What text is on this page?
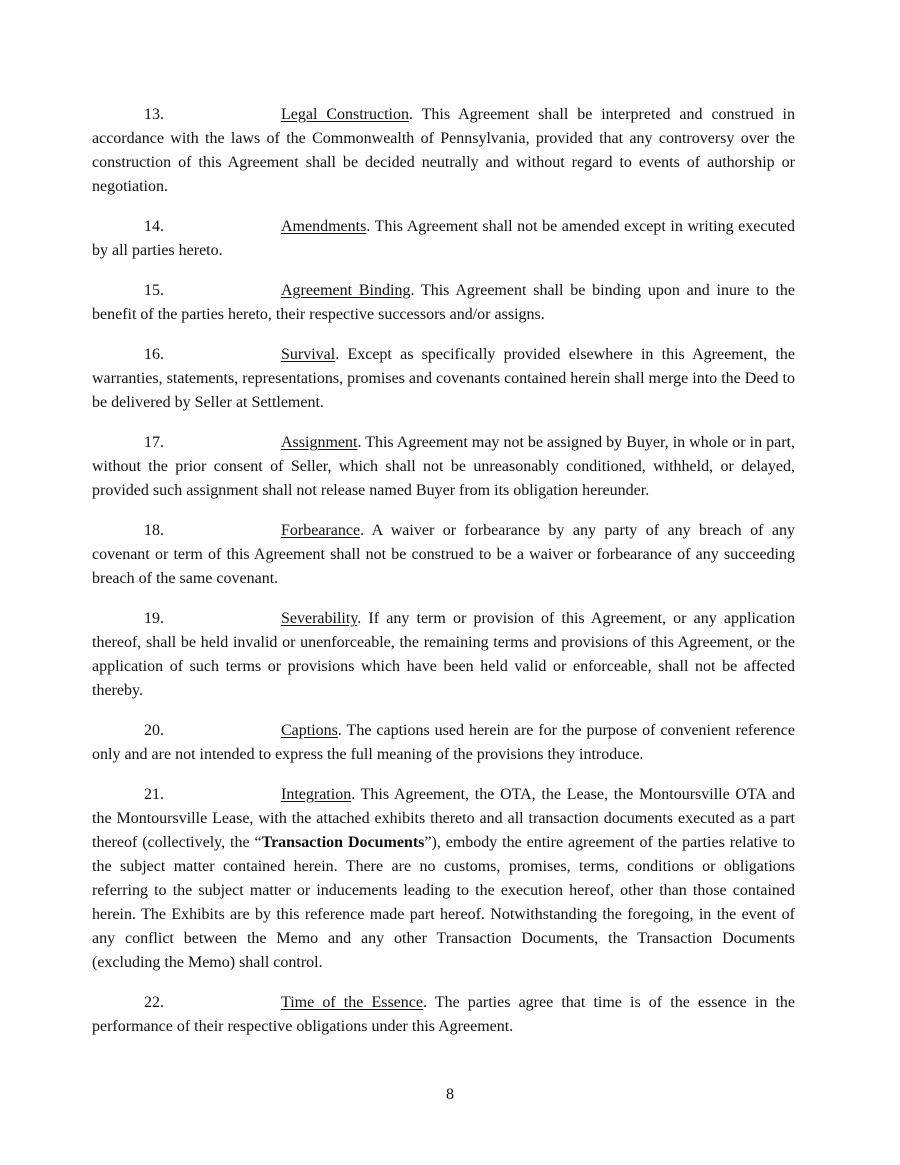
13.	Legal Construction. This Agreement shall be interpreted and construed in accordance with the laws of the Commonwealth of Pennsylvania, provided that any controversy over the construction of this Agreement shall be decided neutrally and without regard to events of authorship or negotiation.

14.	Amendments. This Agreement shall not be amended except in writing executed by all parties hereto.

15.	Agreement Binding. This Agreement shall be binding upon and inure to the benefit of the parties hereto, their respective successors and/or assigns.

16.	Survival. Except as specifically provided elsewhere in this Agreement, the warranties, statements, representations, promises and covenants contained herein shall merge into the Deed to be delivered by Seller at Settlement.

17.	Assignment. This Agreement may not be assigned by Buyer, in whole or in part, without the prior consent of Seller, which shall not be unreasonably conditioned, withheld, or delayed, provided such assignment shall not release named Buyer from its obligation hereunder.

18.	Forbearance. A waiver or forbearance by any party of any breach of any covenant or term of this Agreement shall not be construed to be a waiver or forbearance of any succeeding breach of the same covenant.

19.	Severability. If any term or provision of this Agreement, or any application thereof, shall be held invalid or unenforceable, the remaining terms and provisions of this Agreement, or the application of such terms or provisions which have been held valid or enforceable, shall not be affected thereby.

20.	Captions. The captions used herein are for the purpose of convenient reference only and are not intended to express the full meaning of the provisions they introduce.

21.	Integration. This Agreement, the OTA, the Lease, the Montoursville OTA and the Montoursville Lease, with the attached exhibits thereto and all transaction documents executed as a part thereof (collectively, the “Transaction Documents”), embody the entire agreement of the parties relative to the subject matter contained herein. There are no customs, promises, terms, conditions or obligations referring to the subject matter or inducements leading to the execution hereof, other than those contained herein. The Exhibits are by this reference made part hereof. Notwithstanding the foregoing, in the event of any conflict between the Memo and any other Transaction Documents, the Transaction Documents (excluding the Memo) shall control.

22.	Time of the Essence. The parties agree that time is of the essence in the performance of their respective obligations under this Agreement.

8
